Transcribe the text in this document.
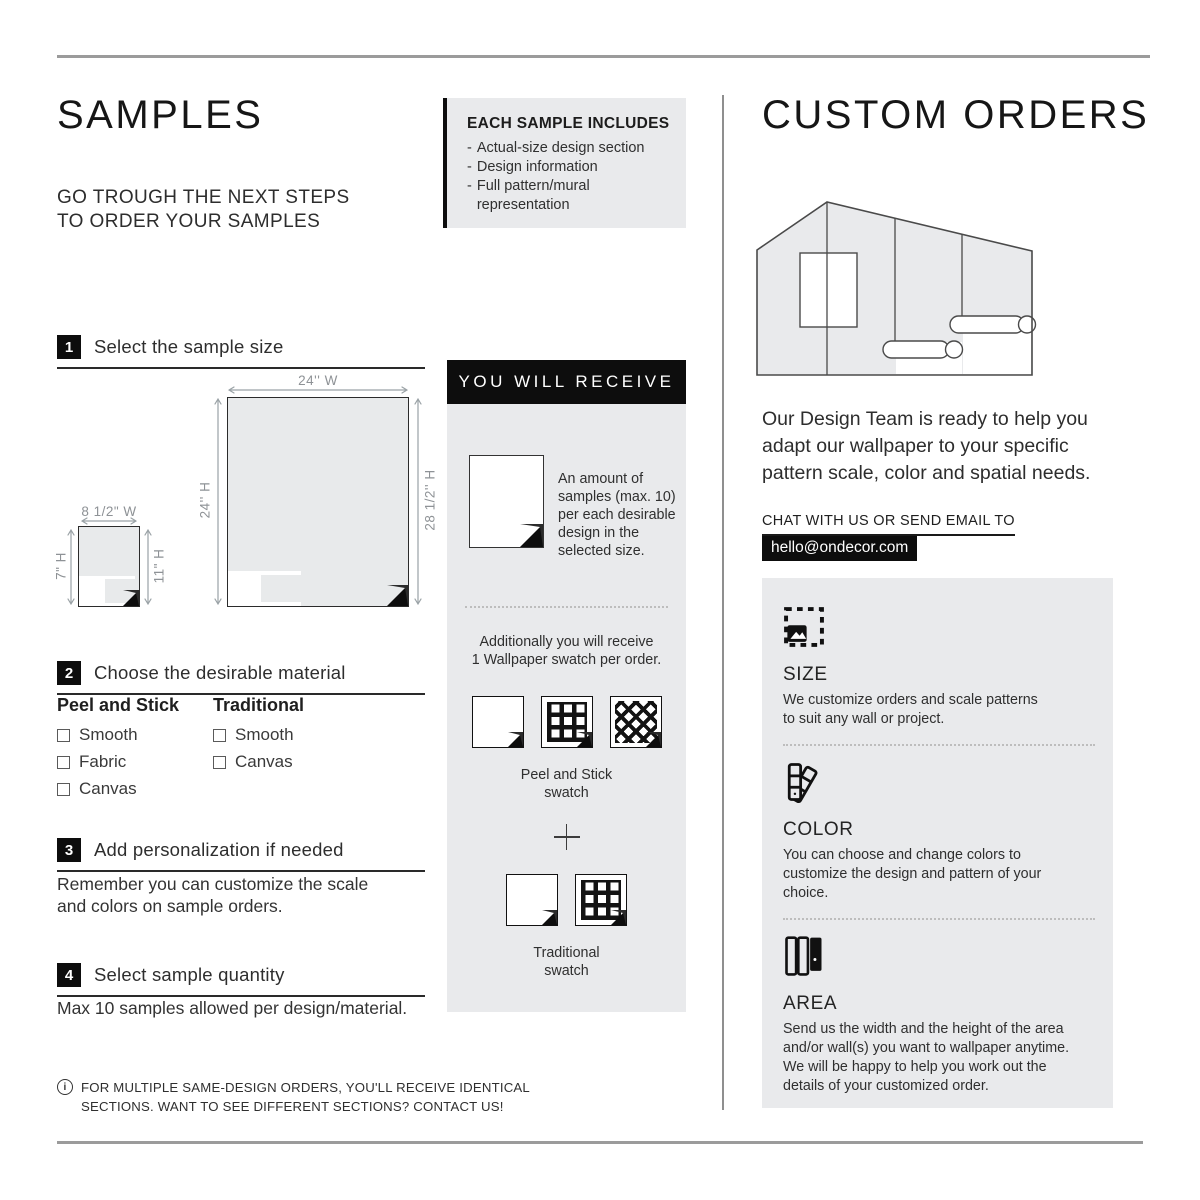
SAMPLES
GO TROUGH THE NEXT STEPS
TO ORDER YOUR SAMPLES
1	Select the sample size
24'' W
24'' H	28 1/2'' H
8 1/2" W
7" H	11" H
2	Choose the desirable material
Peel and Stick
Smooth
Fabric
Canvas
Traditional
Smooth
Canvas
3	Add personalization if needed
Remember you can customize the scale
and colors on sample orders.
4	Select sample quantity
Max 10 samples allowed per design/material.
i
FOR MULTIPLE SAME-DESIGN ORDERS, YOU'LL RECEIVE IDENTICAL
SECTIONS. WANT TO SEE DIFFERENT SECTIONS? CONTACT US!
EACH SAMPLE INCLUDES
- Actual-size design section
- Design information
- Full pattern/mural representation
YOU WILL RECEIVE
An amount of
samples (max. 10)
per each desirable
design in the
selected size.
Additionally you will receive
1 Wallpaper swatch per order.
Peel and Stick
swatch
Traditional
swatch
CUSTOM ORDERS
Our Design Team is ready to help you
adapt our wallpaper to your specific
pattern scale, color and spatial needs.
CHAT WITH US OR SEND EMAIL TO
hello@ondecor.com
SIZE
We customize orders and scale patterns
to suit any wall or project.
COLOR
You can choose and change colors to
customize the design and pattern of your
choice.
AREA
Send us the width and the height of the area
and/or wall(s) you want to wallpaper anytime.
We will be happy to help you work out the
details of your customized order.
